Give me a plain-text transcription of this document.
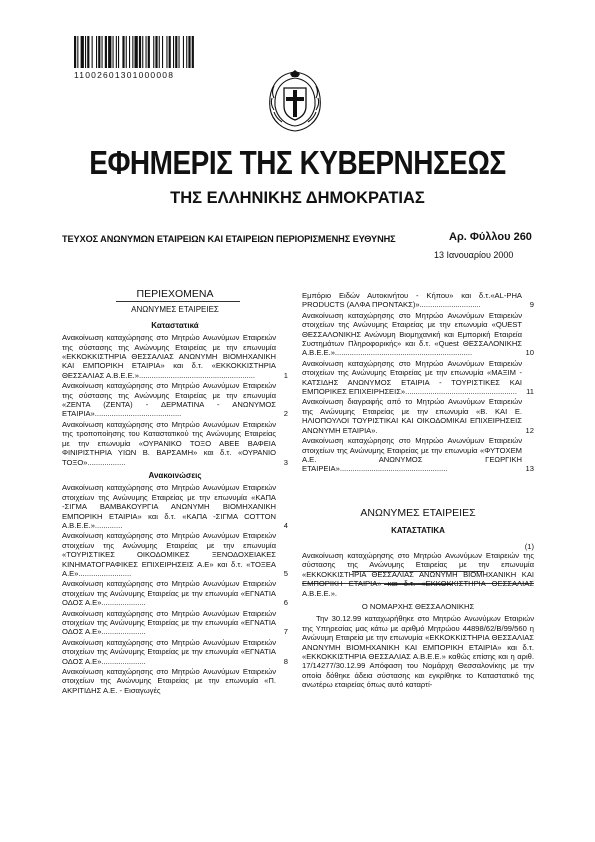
11002601301000008
ΕΦΗΜΕΡΙΣ ΤΗΣ ΚΥΒΕΡΝΗΣΕΩΣ
ΤΗΣ ΕΛΛΗΝΙΚΗΣ ΔΗΜΟΚΡΑΤΙΑΣ
ΤΕΥΧΟΣ ΑΝΩΝΥΜΩΝ ΕΤΑΙΡΕΙΩΝ ΚΑΙ ΕΤΑΙΡΕΙΩΝ ΠΕΡΙΟΡΙΣΜΕΝΗΣ ΕΥΘΥΝΗΣ	Αρ. Φύλλου 260
13 Ιανουαρίου 2000
ΠΕΡΙΕΧΟΜΕΝΑ
ΑΝΩΝΥΜΕΣ ΕΤΑΙΡΕΙΕΣ
Καταστατικά
Ανακοίνωση καταχώρησης στο Μητρώο Ανωνύμων Εταιρειών της σύστασης της Ανώνυμης Εταιρείας με την επωνυμία «ΕΚΚΟΚΚΙΣΤΗΡΙΑ ΘΕΣΣΑΛΙΑΣ ΑΝΩΝΥΜΗ ΒΙΟΜΗΧΑΝΙΚΗ ΚΑΙ ΕΜΠΟΡΙΚΗ ΕΤΑΙΡΙΑ» και δ.τ. «ΕΚΚΟΚΚΙΣΤΗΡΙΑ ΘΕΣΣΑΛΙΑΣ Α.Β.Ε.Ε.».......................................................	1
Ανακοίνωση καταχώρησης στο Μητρώο Ανωνύμων Εταιρειών της σύστασης της Ανώνυμης Εταιρείας με την επωνυμία «ΖΕΝΤΑ (ΖΕΝΤΑ) - ΔΕΡΜΑΤΙΝΑ - ΑΝΩΝΥΜΟΣ ΕΤΑΙΡΙΑ».........................................	2
Ανακοίνωση καταχώρησης στο Μητρώο Ανωνύμων Εταιρειών της τροποποίησης του Καταστατικού της Ανώνυμης Εταιρείας με την επωνυμία «ΟΥΡΑΝΙΚΟ ΤΟΞΟ ΑΒΕΕ ΒΑΦΕΙΑ ΦΙΝΙΡΙΣΤΗΡΙΑ ΥΙΩΝ Β. ΒΑΡΣΑΜΗ» και δ.τ. «ΟΥΡΑΝΙΟ ΤΟΞΟ»..................	3
Ανακοινώσεις
Ανακοίνωση καταχώρησης στο Μητρώο Ανωνύμων Εταιρειών στοιχείων της Ανώνυμης Εταιρείας με την επωνυμία «ΚΑΠΑ -ΣΙΓΜΑ ΒΑΜΒΑΚΟΥΡΓΙΑ ΑΝΩΝΥΜΗ ΒΙΟΜΗΧΑΝΙΚΗ ΕΜΠΟΡΙΚΗ ΕΤΑΙΡΙΑ» και δ.τ. «ΚΑΠΑ -ΣΙΓΜΑ COTTON Α.Β.Ε.Ε.».............	4
Ανακοίνωση καταχώρησης στο Μητρώο Ανωνύμων Εταιρειών στοιχείων της Ανώνυμης Εταιρείας με την επωνυμία «ΤΟΥΡΙΣΤΙΚΕΣ ΟΙΚΟΔΟΜΙΚΕΣ ΞΕΝΟΔΟΧΕΙΑΚΕΣ ΚΙΝΗΜΑΤΟΓΡΑΦΙΚΕΣ ΕΠΙΧΕΙΡΗΣΕΙΣ Α.Ε» και δ.τ. «ΤΟΞΕΑ Α.Ε».........................	5
Ανακοίνωση καταχώρησης στο Μητρώο Ανωνύμων Εταιρειών στοιχείων της Ανώνυμης Εταιρείας με την επωνυμία «ΕΓΝΑΤΙΑ ΟΔΟΣ Α.Ε».....................	6
Ανακοίνωση καταχώρησης στο Μητρώο Ανωνύμων Εταιρειών στοιχείων της Ανώνυμης Εταιρείας με την επωνυμία «ΕΓΝΑΤΙΑ ΟΔΟΣ Α.Ε».....................	7
Ανακοίνωση καταχώρησης στο Μητρώο Ανωνύμων Εταιρειών στοιχείων της Ανώνυμης Εταιρείας με την επωνυμία «ΕΓΝΑΤΙΑ ΟΔΟΣ Α.Ε».....................	8
Ανακοίνωση καταχώρησης στο Μητρώο Ανωνύμων Εταιρειών στοιχείων της Ανώνυμης Εταιρείας με την επωνυμία «Π. ΑΚΡΙΤΙΔΗΣ Α.Ε. - Εισαγωγές
Εμπόριο Ειδών Αυτοκινήτου - Κήπου» και δ.τ.«ΑL-PHA PRODUCTS (ΑΛΦΑ ΠΡΟΝΤΑΚΣ)».............................	9
Ανακοίνωση καταχώρησης στο Μητρώο Ανωνύμων Εταιρειών στοιχείων της Ανώνυμης Εταιρείας με την επωνυμία «QUEST ΘΕΣΣΑΛΟΝΙΚΗΣ Ανώνυμη Βιομηχανική και Εμπορική Εταιρεία Συστημάτων Πληροφορικής» και δ.τ. «Quest ΘΕΣΣΑΛΟΝΙΚΗΣ Α.Β.Ε.Ε.».................................................................	10
Ανακοίνωση καταχώρησης στο Μητρώο Ανωνύμων Εταιρειών στοιχείων της Ανώνυμης Εταιρείας με την επωνυμία «ΜΑΞΙΜ - ΚΑΤΣΙΔΗΣ ΑΝΩΝΥΜΟΣ ΕΤΑΙΡΙΑ - ΤΟΥΡΙΣΤΙΚΕΣ ΚΑΙ ΕΜΠΟΡΙΚΕΣ ΕΠΙΧΕΙΡΗΣΕΙΣ».....................................................	11
Ανακοίνωση διαγραφής από το Μητρώο Ανωνύμων Εταιρειών της Ανώνυμης Εταιρείας με την επωνυμία «Β. ΚΑΙ Ε. ΗΛΙΟΠΟΥΛΟΙ ΤΟΥΡΙΣΤΙΚΑΙ ΚΑΙ ΟΙΚΟΔΟΜΙΚΑΙ ΕΠΙΧΕΙΡΗΣΕΙΣ ΑΝΩΝΥΜΗ ΕΤΑΙΡΙΑ».	12
Ανακοίνωση καταχώρησης στο Μητρώο Ανωνύμων Εταιρειών στοιχείων της Ανώνυμης Εταιρείας με την επωνυμία «ΦΥΤΟΧΕΜ Α.Ε. ΑΝΩΝΥΜΟΣ ΓΕΩΡΓΙΚΗ ΕΤΑΙΡΕΙΑ»...................................................	13
ΑΝΩΝΥΜΕΣ ΕΤΑΙΡΕΙΕΣ
ΚΑΤΑΣΤΑΤΙΚΑ
(1)
Ανακοίνωση καταχώρησης στο Μητρώο Ανωνύμων Εταιρειών της σύστασης της Ανώνυμης Εταιρείας με την επωνυμία «ΕΚΚΟΚΚΙΣΤΗΡΙΑ ΘΕΣΣΑΛΙΑΣ ΑΝΩΝΥΜΗ ΒΙΟΜΗΧΑΝΙΚΗ ΚΑΙ ΕΜΠΟΡΙΚΗ ΕΤΑΙΡΙΑ» και δ.τ. «ΕΚΚΟΚΚΙΣΤΗΡΙΑ ΘΕΣΣΑΛΙΑΣ Α.Β.Ε.Ε.».
Ο ΝΟΜΑΡΧΗΣ ΘΕΣΣΑΛΟΝΙΚΗΣ
Την 30.12.99 καταχωρήθηκε στο Μητρώο Ανωνύμων Εταιριών της Υπηρεσίας μας κάτω με αριθμό Μητρώου 44898/62/Β/99/560 η Ανώνυμη Εταιρεία με την επωνυμία «ΕΚΚΟΚΚΙΣΤΗΡΙΑ ΘΕΣΣΑΛΙΑΣ ΑΝΩΝΥΜΗ ΒΙΟΜΗΧΑΝΙΚΗ ΚΑΙ ΕΜΠΟΡΙΚΗ ΕΤΑΙΡΙΑ» και δ.τ. «ΕΚΚΟΚΚΙΣΤΗΡΙΑ ΘΕΣΣΑΛΙΑΣ Α.Β.Ε.Ε.» καθώς επίσης και η αριθ. 17/14277/30.12.99 Απόφαση του Νομάρχη Θεσσαλονίκης με την οποία δόθηκε άδεια σύστασης και εγκρίθηκε το Καταστατικό της ανωτέρω εταιρείας όπως αυτό καταρτί-
